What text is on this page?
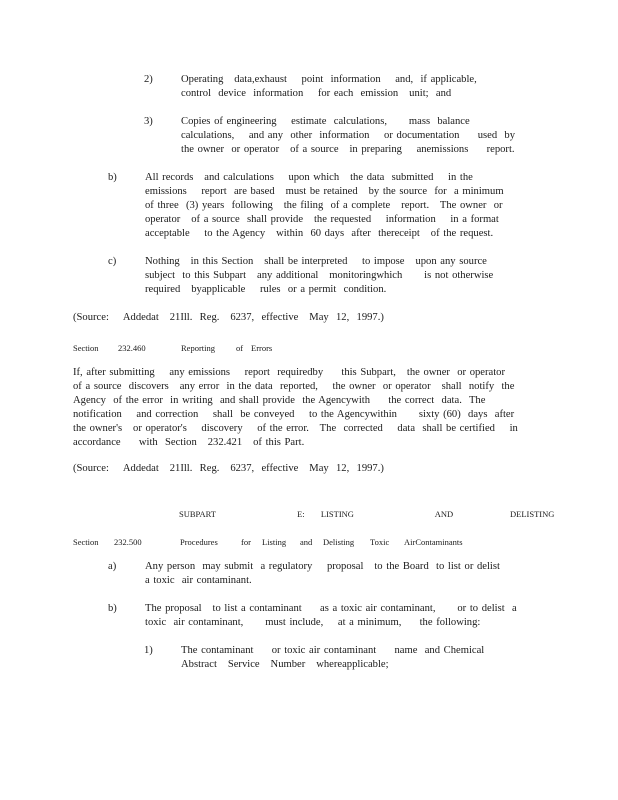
2)	Operating   data,exhaust    point  information    and,  if applicable,
control  device  information    for each  emission   unit;  and
3)	Copies of engineering    estimate  calculations,      mass  balance
calculations,    and any  other  information    or documentation     used  by
the owner  or operator   of a source   in preparing    anemissions     report.
b)	All records   and calculations    upon which   the data  submitted    in the
emissions    report  are based   must be retained   by the source  for  a minimum
of three  (3) years  following   the filing  of a complete   report.   The owner  or
operator   of a source  shall provide   the requested    information    in a format
acceptable    to the Agency   within  60 days  after  thereceipt   of the request.
c)	Nothing   in this Section   shall be interpreted    to impose   upon any source
subject  to this Subpart   any additional   monitoringwhich      is not otherwise
required   byapplicable    rules  or a permit  condition.
(Source:    Addedat   21Ill.  Reg.   6237,  effective   May  12,  1997.)
Section 232.460	Reporting of Errors
If, after submitting    any emissions    report  requiredby     this Subpart,   the owner  or operator
of a source  discovers   any error  in the data  reported,    the owner  or operator   shall  notify  the
Agency  of the error  in writing  and shall provide  the Agencywith     the correct  data.  The
notification    and correction    shall  be conveyed    to the Agencywithin      sixty (60)  days  after
the owner's   or operator's    discovery    of the error.   The  corrected    data  shall be certified    in
accordance     with  Section   232.421   of this Part.
(Source:    Addedat   21Ill.  Reg.   6237,  effective   May  12,  1997.)
SUBPART          E:  LISTING          AND       DELISTING
Section 232.500	Procedures	for Listing and Delisting Toxic AirContaminants
a)	Any person  may submit  a regulatory    proposal   to the Board  to list or delist
a toxic  air contaminant.
b)	The proposal   to list a contaminant     as a toxic air contaminant,      or to delist  a
toxic  air contaminant,      must include,    at a minimum,     the following:
1)	The contaminant     or toxic air contaminant     name  and Chemical
Abstract   Service   Number   whereapplicable;
